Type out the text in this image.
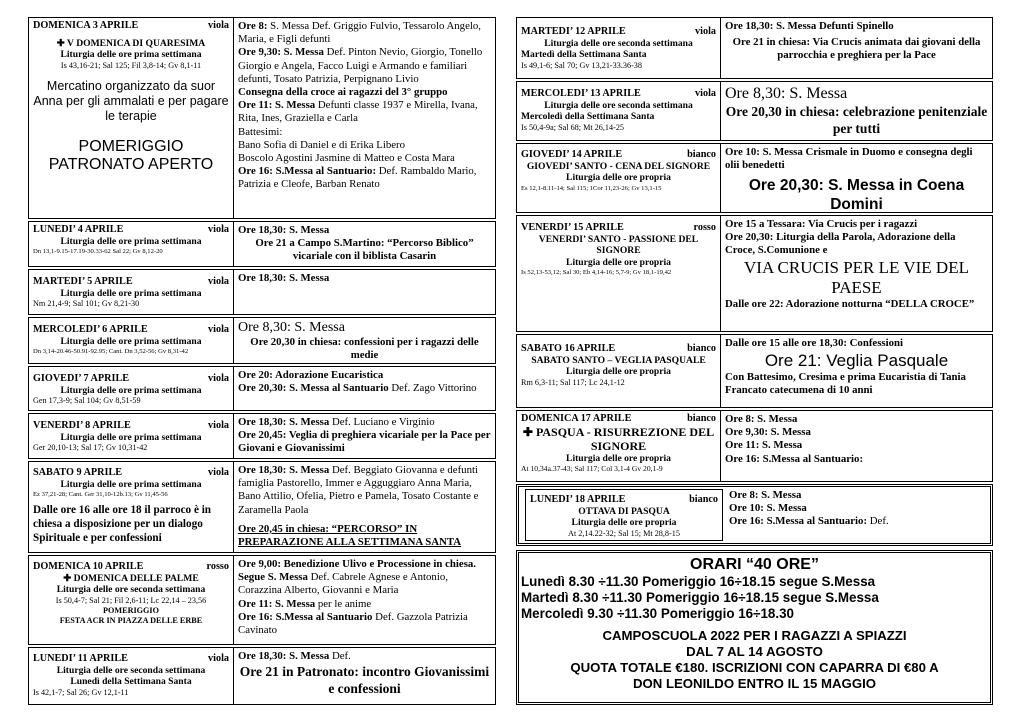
DOMENICA 3 APRILE	viola
✚ V DOMENICA DI QUARESIMA
Liturgia delle ore prima settimana
Is 43,16-21; Sal 125; Fil 3,8-14; Gv 8,1-11
Mercatino organizzato da suor Anna per gli ammalati e per pagare le terapie
POMERIGGIO PATRONATO APERTO
Ore 8: S. Messa Def. Griggio Fulvio, Tessarolo Angelo, Maria, e Figli defunti
Ore 9,30: S. Messa Def. Pinton Nevio, Giorgio, Tonello Giorgio e Angela, Facco Luigi e Armando e familiari defunti, Tosato Patrizia, Perpignano Livio
Consegna della croce ai ragazzi del 3° gruppo
Ore 11: S. Messa Defunti classe 1937 e Mirella, Ivana, Rita, Ines, Graziella e Carla
Battesimi:
Bano Sofia di Daniel e di Erika Libero
Boscolo Agostini Jasmine di Matteo e Costa Mara
Ore 16: S.Messa al Santuario: Def. Rambaldo Mario, Patrizia e Cleofe, Barban Renato
LUNEDI’ 4 APRILE	viola
Liturgia delle ore prima settimana
Dn 13,1-9.15-17.19-30.33-62 Sal 22; Gv 8,12-20
Ore 18,30: S. Messa
Ore 21 a Campo S.Martino: “Percorso Biblico” vicariale con il biblista Casarin
MARTEDI’ 5 APRILE	viola
Liturgia delle ore prima settimana
Nm 21,4-9; Sal 101; Gv 8,21-30
Ore 18,30: S. Messa
MERCOLEDI’ 6 APRILE	viola
Liturgia delle ore prima settimana
Dn 3,14-20.46-50.91-92.95; Cant. Dn 3,52-56; Gv 8,31-42
Ore 8,30: S. Messa
Ore 20,30 in chiesa: confessioni per i ragazzi delle medie
GIOVEDI’ 7 APRILE	viola
Liturgia delle ore prima settimana
Gen 17,3-9; Sal 104; Gv 8,51-59
Ore 20: Adorazione Eucaristica
Ore 20,30: S. Messa al Santuario Def. Zago Vittorino
VENERDI’ 8 APRILE	viola
Liturgia delle ore prima settimana
Ger 20,10-13; Sal 17; Gv 10,31-42
Ore 18,30: S. Messa Def. Luciano e Virginio
Ore 20,45: Veglia di preghiera vicariale per la Pace per Giovani e Giovanissimi
SABATO 9 APRILE	viola
Liturgia delle ore prima settimana
Ez 37,21-28; Cant. Ger 31,10-12b.13; Gv 11,45-56
Dalle ore 16 alle ore 18 il parroco è in chiesa a disposizione per un dialogo Spirituale e per confessioni
Ore 18,30: S. Messa Def. Beggiato Giovanna e defunti famiglia Pastorello, Immer e Agguggiaro Anna Maria, Bano Attilio, Ofelia, Pietro e Pamela, Tosato Costante e Zaramella Paola
Ore 20,45 in chiesa: “PERCORSO” IN PREPARAZIONE ALLA SETTIMANA SANTA
DOMENICA 10 APRILE	rosso
✚ DOMENICA DELLE PALME
Liturgia delle ore seconda settimana
Is 50,4-7; Sal 21; Fil 2,6-11; Lc 22,14 – 23,56
POMERIGGIO
FESTA ACR IN PIAZZA DELLE ERBE
Ore 9,00: Benedizione Ulivo e Processione in chiesa. Segue S. Messa Def. Cabrele Agnese e Antonio, Corazzina Alberto, Giovanni e Maria
Ore 11: S. Messa per le anime
Ore 16: S.Messa al Santuario Def. Gazzola Patrizia Cavinato
LUNEDI’ 11 APRILE	viola
Liturgia delle ore seconda settimana
Lunedì della Settimana Santa
Is 42,1-7; Sal 26; Gv 12,1-11
Ore 18,30: S. Messa Def.
Ore 21 in Patronato: incontro Giovanissimi e confessioni
MARTEDI’ 12 APRILE	viola
Liturgia delle ore seconda settimana
Martedì della Settimana Santa
Is 49,1-6; Sal 70; Gv 13,21-33.36-38
Ore 18,30: S. Messa Defunti Spinello
Ore 21 in chiesa: Via Crucis animata dai giovani della parrocchia e preghiera per la Pace
MERCOLEDI’ 13 APRILE	viola
Liturgia delle ore seconda settimana
Mercoledì della Settimana Santa
Is 50,4-9a; Sal 68; Mt 26,14-25
Ore 8,30: S. Messa
Ore 20,30 in chiesa: celebrazione penitenziale per tutti
GIOVEDI’ 14 APRILE	bianco
GIOVEDI’ SANTO - CENA DEL SIGNORE
Liturgia delle ore propria
Es 12,1-8.11-14; Sal 115; 1Cor 11,23-26; Gv 13,1-15
Ore 10: S. Messa Crismale in Duomo e consegna degli olii benedetti
Ore 20,30: S. Messa in Coena Domini
VENERDI’ 15 APRILE	rosso
VENERDI’ SANTO - PASSIONE DEL SIGNORE
Liturgia delle ore propria
Is 52,13-53,12; Sal 30; Eb 4,14-16; 5,7-9; Gv 18,1-19,42
Ore 15 a Tessara: Via Crucis per i ragazzi
Ore 20,30: Liturgia della Parola, Adorazione della Croce, S.Comunione e
VIA CRUCIS PER LE VIE DEL PAESE
Dalle ore 22: Adorazione notturna “DELLA CROCE”
SABATO 16 APRILE	bianco
SABATO SANTO – VEGLIA PASQUALE
Liturgia delle ore propria
Rm 6,3-11; Sal 117; Lc 24,1-12
Dalle ore 15 alle ore 18,30: Confessioni
Ore 21: Veglia Pasquale
Con Battesimo, Cresima e prima Eucaristia di Tania Francato catecumena di 10 anni
DOMENICA 17 APRILE	bianco
✚ PASQUA - RISURREZIONE DEL SIGNORE
Liturgia delle ore propria
At 10,34a.37-43; Sal 117; Col 3,1-4 Gv 20,1-9
Ore 8: S. Messa
Ore 9,30: S. Messa
Ore 11: S. Messa
Ore 16: S.Messa al Santuario:
LUNEDI’ 18 APRILE	bianco
OTTAVA DI PASQUA
Liturgia delle ore propria
At 2,14.22-32; Sal 15; Mt 28,8-15
Ore 8: S. Messa
Ore 10: S. Messa
Ore 16: S.Messa al Santuario: Def.
ORARI “40 ORE”
Lunedì 8.30 ÷11.30 Pomeriggio 16÷18.15 segue S.Messa
Martedì 8.30 ÷11.30 Pomeriggio 16÷18.15 segue S.Messa
Mercoledì 9.30 ÷11.30 Pomeriggio 16÷18.30
CAMPOSCUOLA 2022 PER I RAGAZZI A SPIAZZI
DAL 7 AL 14 AGOSTO
QUOTA TOTALE €180. ISCRIZIONI CON CAPARRA DI €80 A
DON LEONILDO ENTRO IL 15 MAGGIO
